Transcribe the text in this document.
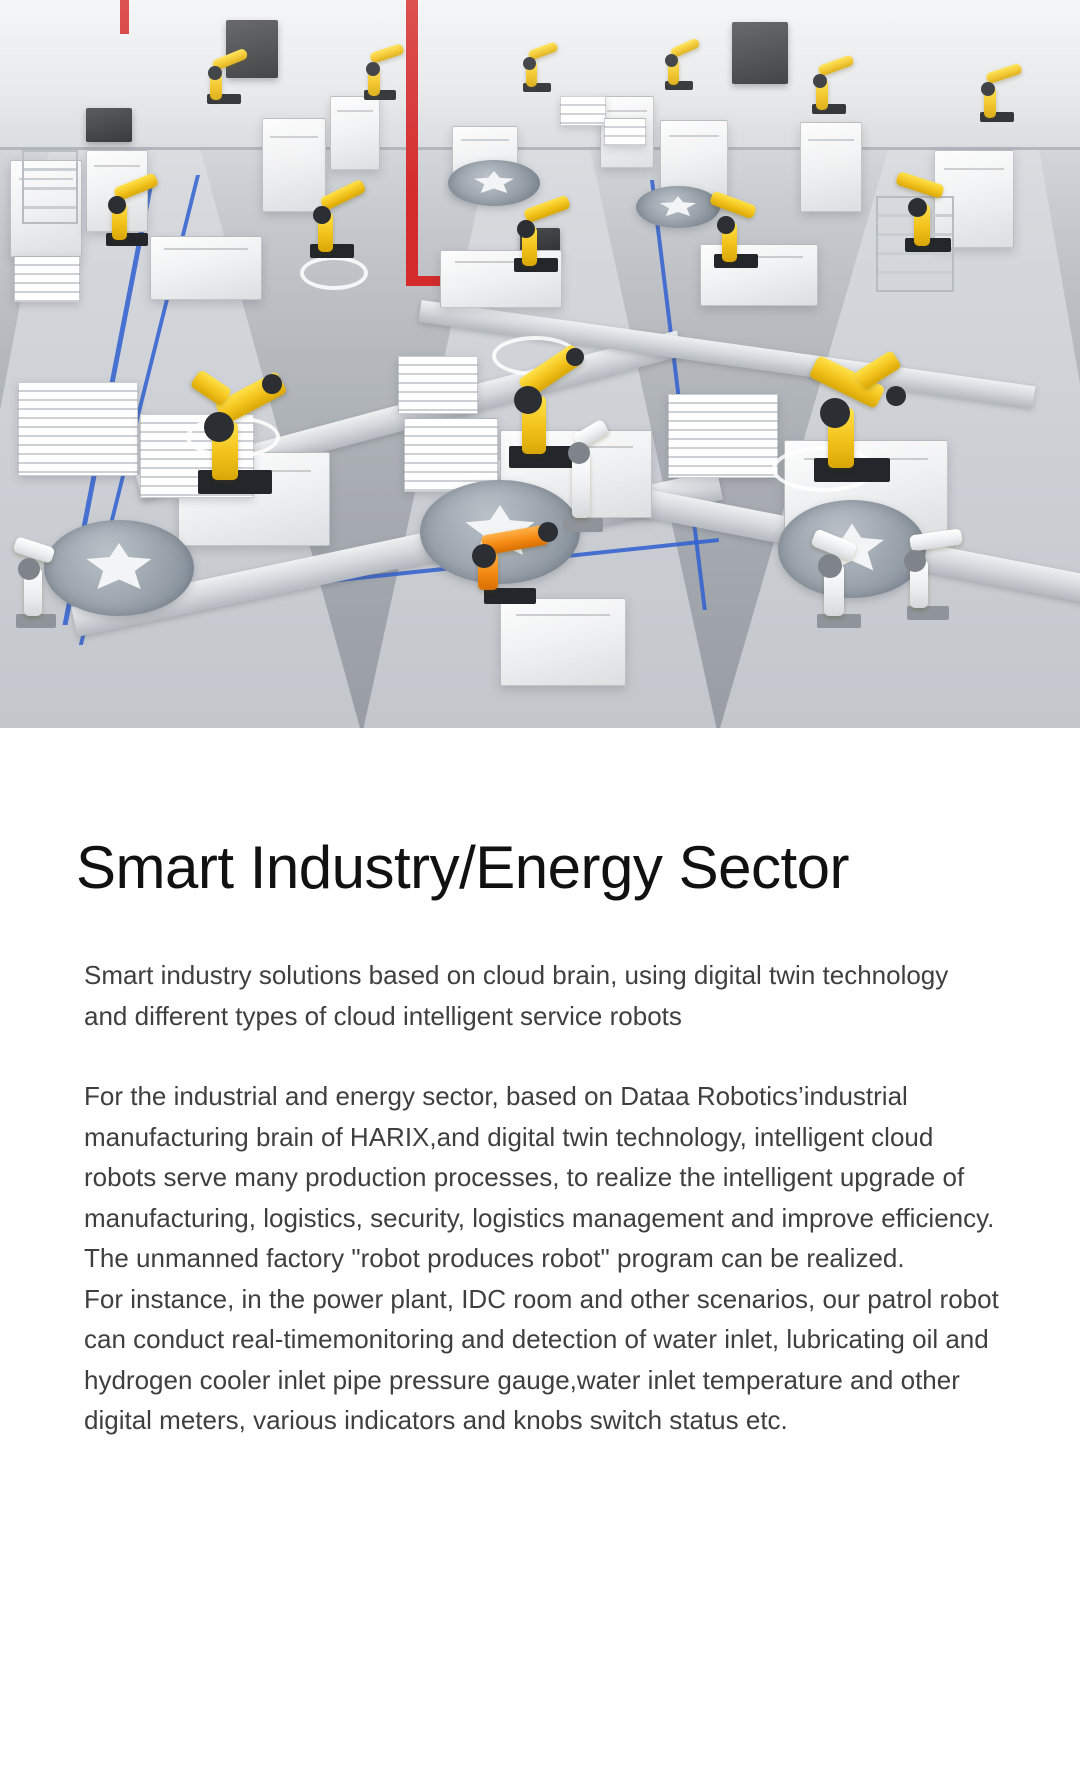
Smart Industry/Energy Sector

Smart industry solutions based on cloud brain, using digital twin technology and different types of cloud intelligent service robots

For the industrial and energy sector, based on Dataa Robotics’industrial manufacturing brain of HARIX,and digital twin technology, intelligent cloud robots serve many production processes, to realize the intelligent upgrade of manufacturing, logistics, security, logistics management and improve efficiency.

The unmanned factory "robot produces robot" program can be realized.

For instance, in the power plant, IDC room and other scenarios, our patrol robot can conduct real-timemonitoring and detection of water inlet, lubricating oil and hydrogen cooler inlet pipe pressure gauge,water inlet temperature and other digital meters, various indicators and knobs switch status etc.
